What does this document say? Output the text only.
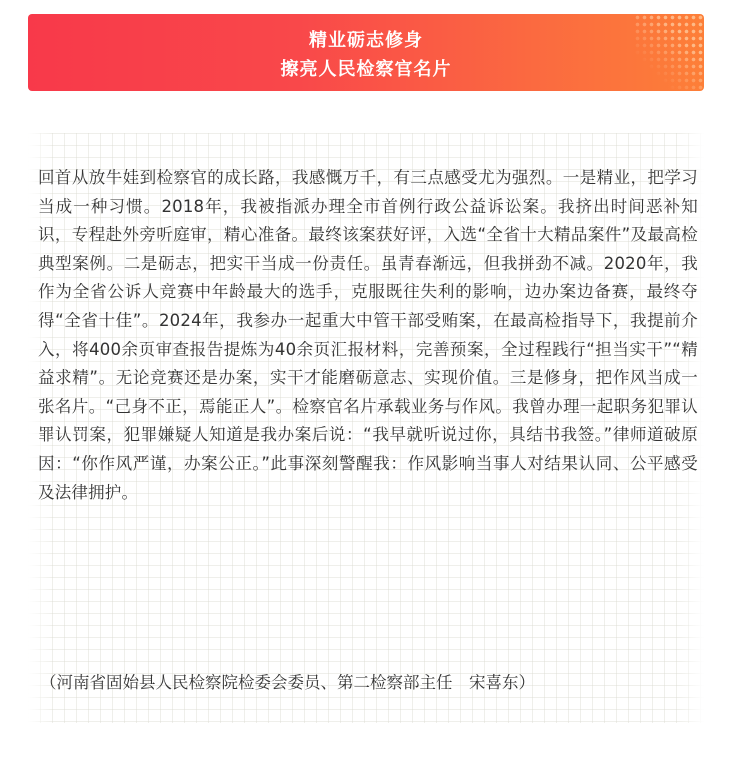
精业砺志修身
擦亮人民检察官名片

回首从放牛娃到检察官的成长路，我感慨万千，有三点感受尤为强烈。一是精业，把学习当成一种习惯。2018年，我被指派办理全市首例行政公益诉讼案。我挤出时间恶补知识，专程赴外旁听庭审，精心准备。最终该案获好评，入选“全省十大精品案件”及最高检典型案例。二是砺志，把实干当成一份责任。虽青春渐远，但我拼劲不减。2020年，我作为全省公诉人竞赛中年龄最大的选手，克服既往失利的影响，边办案边备赛，最终夺得“全省十佳”。2024年，我参办一起重大中管干部受贿案，在最高检指导下，我提前介入，将400余页审查报告提炼为40余页汇报材料，完善预案，全过程践行“担当实干”“精益求精”。无论竞赛还是办案，实干才能磨砺意志、实现价值。三是修身，把作风当成一张名片。“己身不正，焉能正人”。检察官名片承载业务与作风。我曾办理一起职务犯罪认罪认罚案，犯罪嫌疑人知道是我办案后说：“我早就听说过你，具结书我签。”律师道破原因：“你作风严谨，办案公正。”此事深刻警醒我：作风影响当事人对结果认同、公平感受及法律拥护。

（河南省固始县人民检察院检委会委员、第二检察部主任　宋喜东）
